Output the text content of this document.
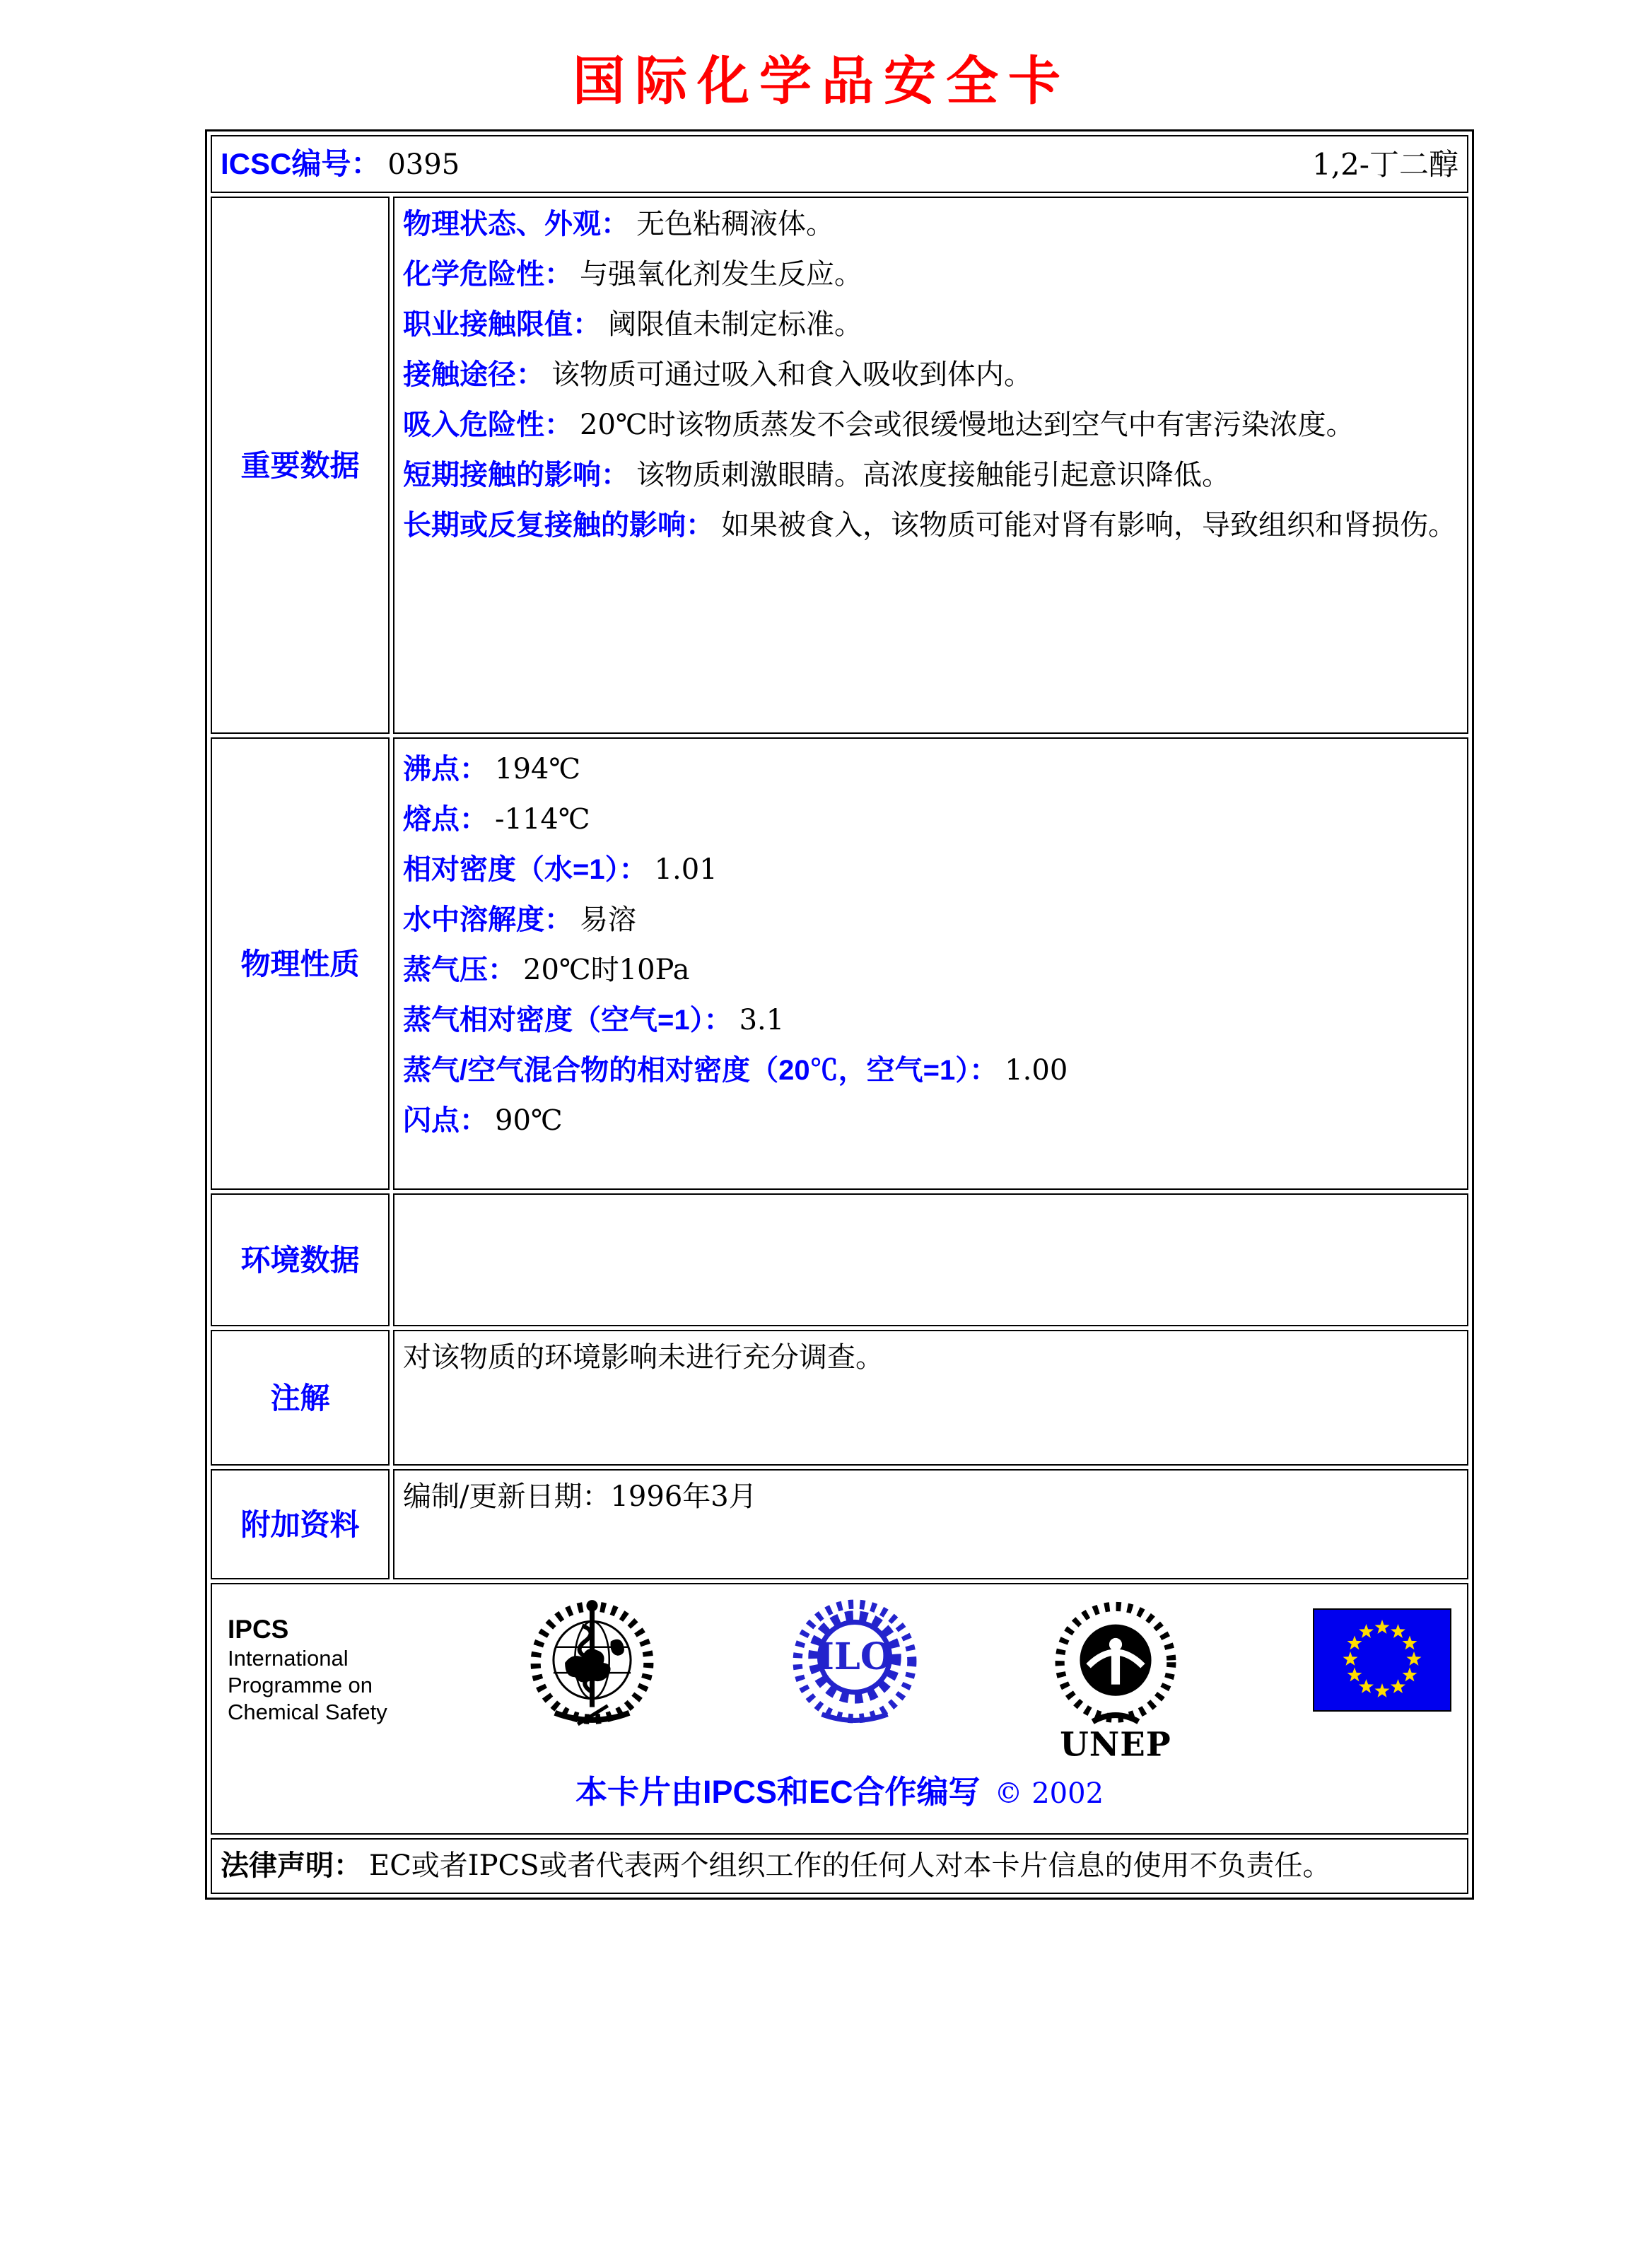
国际化学品安全卡
ICSC编号： 0395 1,2-丁二醇	

重要数据	
物理状态、外观： 无色粘稠液体。
化学危险性： 与强氧化剂发生反应。
职业接触限值： 阈限值未制定标准。
接触途径： 该物质可通过吸入和食入吸收到体内。
吸入危险性： 20℃时该物质蒸发不会或很缓慢地达到空气中有害污染浓度。
短期接触的影响： 该物质刺激眼睛。高浓度接触能引起意识降低。
长期或反复接触的影响： 如果被食入，该物质可能对肾有影响，导致组织和肾损伤。

物理性质	
沸点： 194℃
熔点： -114℃
相对密度（水=1）： 1.01
水中溶解度： 易溶
蒸气压： 20℃时10Pa
蒸气相对密度（空气=1）： 3.1
蒸气/空气混合物的相对密度（20℃，空气=1）： 1.00
闪点： 90℃

环境数据	
注解	对该物质的环境影响未进行充分调查。
附加资料	编制/更新日期：1996年3月

IPCS
International
Programme on
Chemical Safety
ILO
UNEP
本卡片由IPCS和EC合作编写 © 2002

法律声明： EC或者IPCS或者代表两个组织工作的任何人对本卡片信息的使用不负责任。	
